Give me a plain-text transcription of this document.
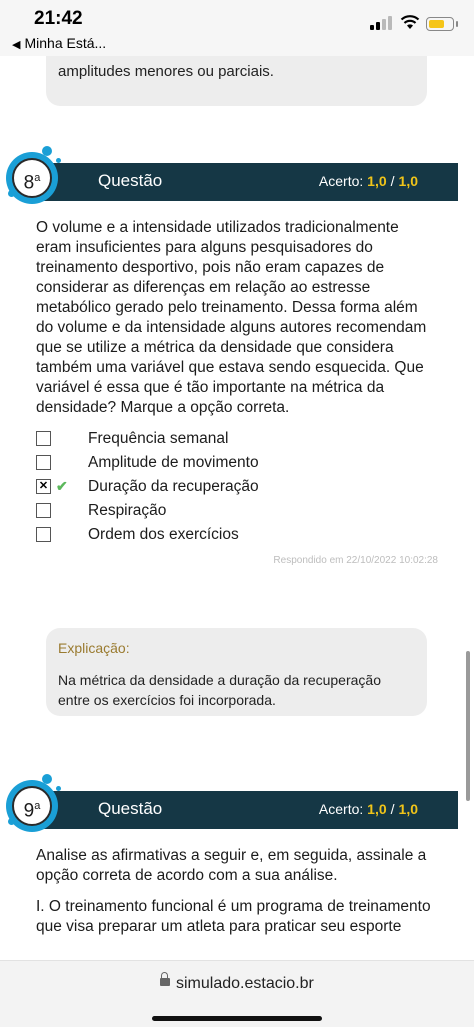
21:42
◀ Minha Está...
amplitudes menores ou parciais.
Questão	Acerto: 1,0 / 1,0
8$^a$
O volume e a intensidade utilizados tradicionalmente eram insuficientes para alguns pesquisadores do treinamento desportivo, pois não eram capazes de considerar as diferenças em relação ao estresse metabólico gerado pelo treinamento. Dessa forma além do volume e da intensidade alguns autores recomendam que se utilize a métrica da densidade que considera também uma variável que estava sendo esquecida. Que variável é essa que é tão importante na métrica da densidade? Marque a opção correta.
Frequência semanal
Amplitude de movimento
✕ ✔ Duração da recuperação
Respiração
Ordem dos exercícios
Respondido em 22/10/2022 10:02:28
Explicação:
Na métrica da densidade a duração da recuperação entre os exercícios foi incorporada.
Questão	Acerto: 1,0 / 1,0
9$^a$
Analise as afirmativas a seguir e, em seguida, assinale a opção correta de acordo com a sua análise.
I. O treinamento funcional é um programa de treinamento que visa preparar um atleta para praticar seu esporte
simulado.estacio.br
